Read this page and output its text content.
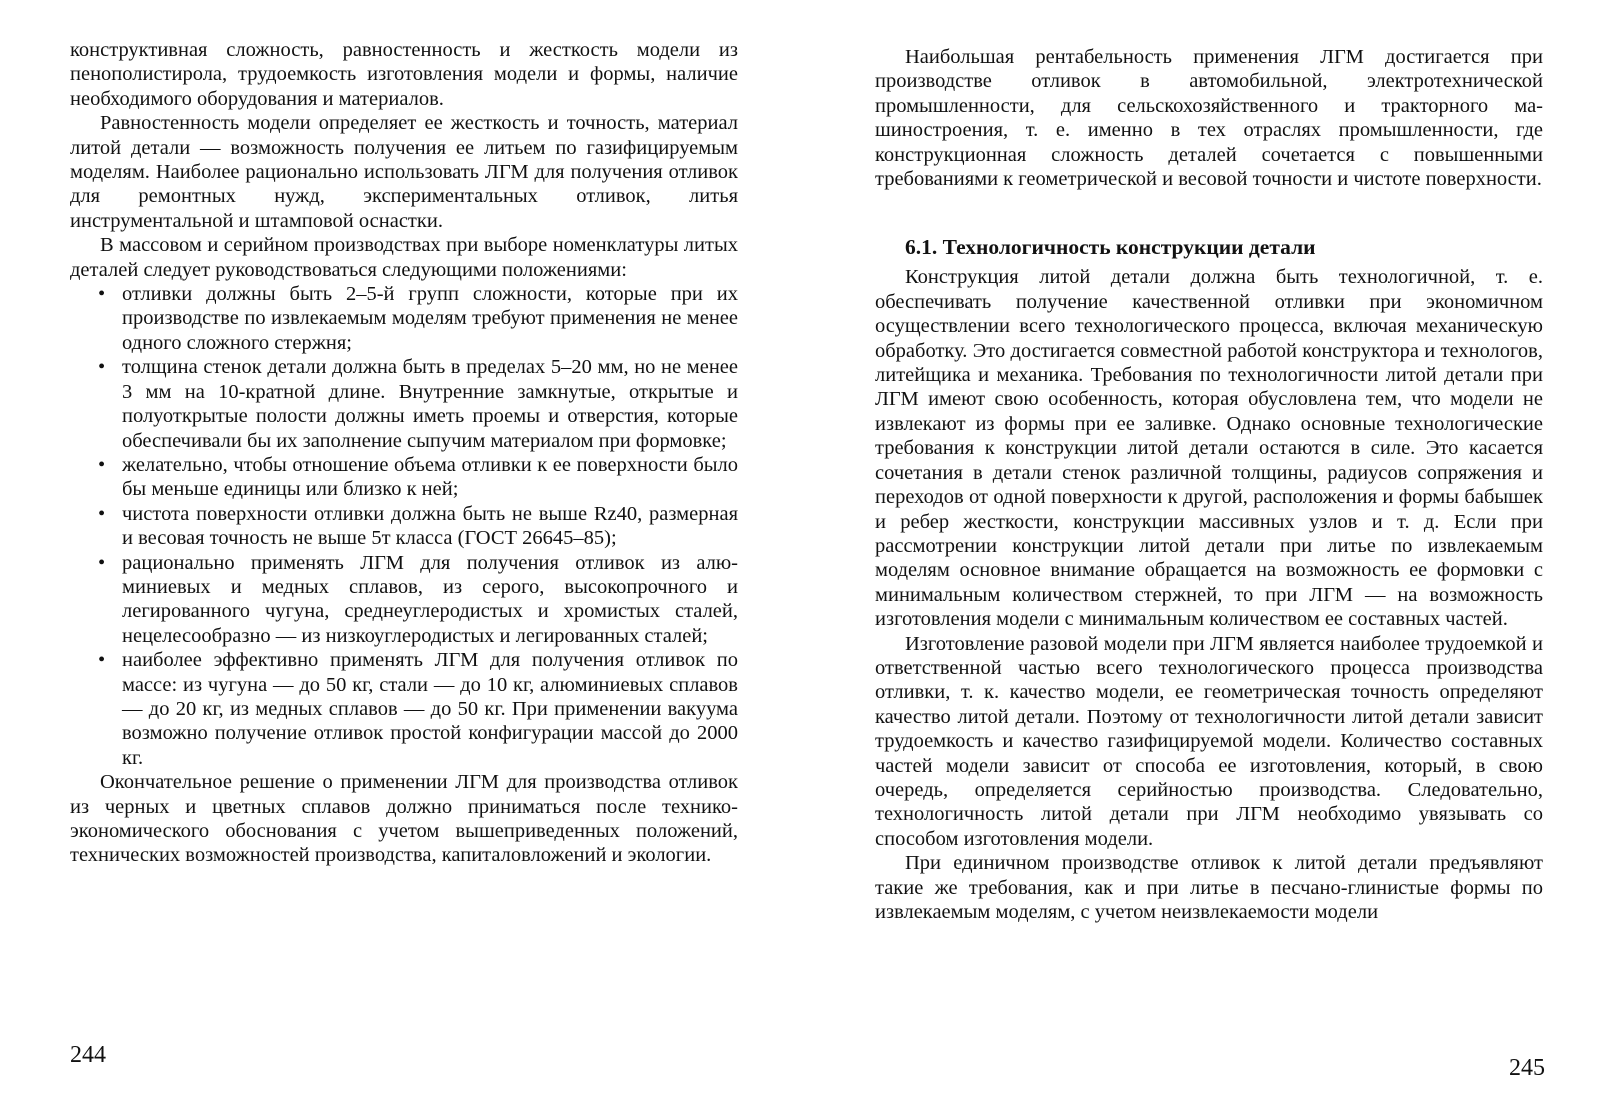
конструктивная сложность, равностенность и жесткость модели из пенополистирола, трудоемкость изготовления модели и формы, наличие необходимого оборудования и материалов.

Равностенность модели определяет ее жесткость и точность, материал литой детали — возможность получения ее литьем по газифицируемым моделям. Наиболее рационально использовать ЛГМ для получения отливок для ремонтных нужд, экспериментальных отливок, литья инструментальной и штамповой оснастки.

В массовом и серийном производствах при выборе номенклатуры литых деталей следует руководствоваться следующими положениями:

• отливки должны быть 2–5-й групп сложности, которые при их производстве по извлекаемым моделям требуют применения не менее одного сложного стержня;
• толщина стенок детали должна быть в пределах 5–20 мм, но не менее 3 мм на 10-кратной длине. Внутренние замкнутые, открытые и полуоткрытые полости должны иметь проемы и отверстия, которые обеспечивали бы их заполнение сыпучим материалом при формовке;
• желательно, чтобы отношение объема отливки к ее поверхности было бы меньше единицы или близко к ней;
• чистота поверхности отливки должна быть не выше Rz40, размерная и весовая точность не выше 5т класса (ГОСТ 26645–85);
• рационально применять ЛГМ для получения отливок из алюминиевых и медных сплавов, из серого, высокопрочного и легированного чугуна, среднеуглеродистых и хромистых сталей, нецелесообразно — из низкоуглеродистых и легированных сталей;
• наиболее эффективно применять ЛГМ для получения отливок по массе: из чугуна — до 50 кг, стали — до 10 кг, алюминиевых сплавов — до 20 кг, из медных сплавов — до 50 кг. При применении вакуума возможно получение отливок простой конфигурации массой до 2000 кг.

Окончательное решение о применении ЛГМ для производства отливок из черных и цветных сплавов должно приниматься после технико-экономического обоснования с учетом вышеприведенных положений, технических возможностей производства, капиталовложений и экологии.

244

Наибольшая рентабельность применения ЛГМ достигается при производстве отливок в автомобильной, электротехнической промышленности, для сельскохозяйственного и тракторного машиностроения, т. е. именно в тех отраслях промышленности, где конструкционная сложность деталей сочетается с повышенными требованиями к геометрической и весовой точности и чистоте поверхности.

6.1. Технологичность конструкции детали

Конструкция литой детали должна быть технологичной, т. е. обеспечивать получение качественной отливки при экономичном осуществлении всего технологического процесса, включая механическую обработку. Это достигается совместной работой конструктора и технологов, литейщика и механика. Требования по технологичности литой детали при ЛГМ имеют свою особенность, которая обусловлена тем, что модели не извлекают из формы при ее заливке. Однако основные технологические требования к конструкции литой детали остаются в силе. Это касается сочетания в детали стенок различной толщины, радиусов сопряжения и переходов от одной поверхности к другой, расположения и формы бабышек и ребер жесткости, конструкции массивных узлов и т. д. Если при рассмотрении конструкции литой детали при литье по извлекаемым моделям основное внимание обращается на возможность ее формовки с минимальным количеством стержней, то при ЛГМ — на возможность изготовления модели с минимальным количеством ее составных частей.

Изготовление разовой модели при ЛГМ является наиболее трудоемкой и ответственной частью всего технологического процесса производства отливки, т. к. качество модели, ее геометрическая точность определяют качество литой детали. Поэтому от технологичности литой детали зависит трудоемкость и качество газифицируемой модели. Количество составных частей модели зависит от способа ее изготовления, который, в свою очередь, определяется серийностью производства. Следовательно, технологичность литой детали при ЛГМ необходимо увязывать со способом изготовления модели.

При единичном производстве отливок к литой детали предъявляют такие же требования, как и при литье в песчано-глинистые формы по извлекаемым моделям, с учетом неизвлекаемости модели

245
